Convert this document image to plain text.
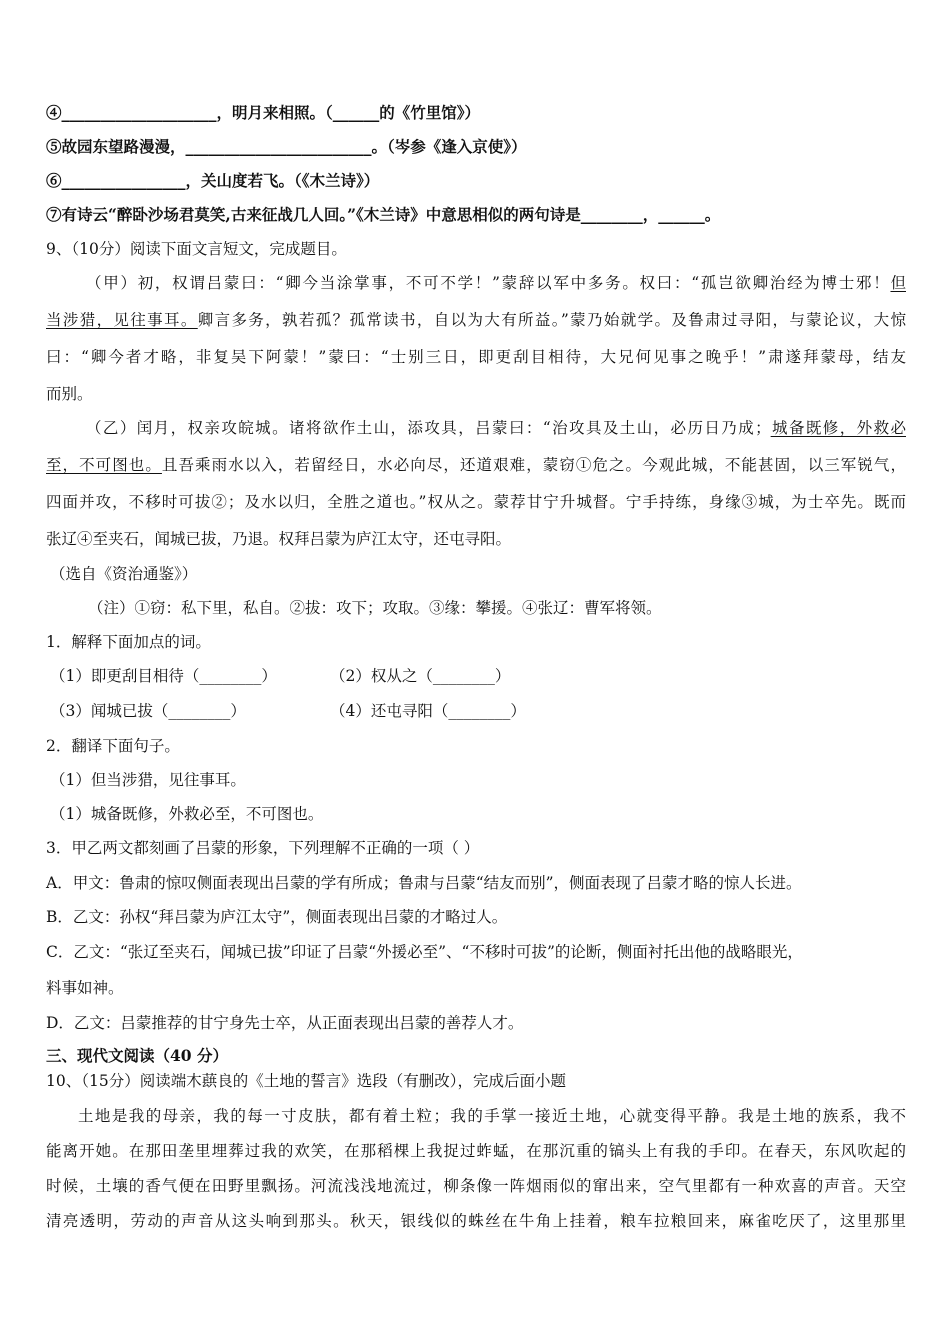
④____________________，明月来相照。（______的《竹里馆》）
⑤故园东望路漫漫，________________________。（岑参《逢入京使》）
⑥________________，关山度若飞。（《木兰诗》）
⑦有诗云“醉卧沙场君莫笑,古来征战几人回。”《木兰诗》中意思相似的两句诗是________，______。
9、（10分）阅读下面文言短文，完成题目。
（甲）初，权谓吕蒙曰：“卿今当涂掌事，不可不学！”蒙辞以军中多务。权曰：“孤岂欲卿治经为博士邪！但
当涉猎，见往事耳。卿言多务，孰若孤？孤常读书，自以为大有所益。”蒙乃始就学。及鲁肃过寻阳，与蒙论议，大惊
曰：“卿今者才略，非复吴下阿蒙！”蒙曰：“士别三日，即更刮目相待，大兄何见事之晚乎！”肃遂拜蒙母，结友
而别。
（乙）闰月，权亲攻皖城。诸将欲作土山，添攻具，吕蒙曰：“治攻具及土山，必历日乃成；城备既修，外救必
至，不可图也。且吾乘雨水以入，若留经日，水必向尽，还道艰难，蒙窃①危之。今观此城，不能甚固，以三军锐气，
四面并攻，不移时可拔②；及水以归，全胜之道也。”权从之。蒙荐甘宁升城督。宁手持练，身缘③城，为士卒先。既而
张辽④至夹石，闻城已拔，乃退。权拜吕蒙为庐江太守，还屯寻阳。
（选自《资治通鉴》）
（注）①窃：私下里，私自。②拔：攻下；攻取。③缘：攀援。④张辽：曹军将领。
1．解释下面加点的词。
（1）即更刮目相待（________）	（2）权从之（________）
（3）闻城已拔（________）	（4）还屯寻阳（________）
2．翻译下面句子。
（1）但当涉猎，见往事耳。
（1）城备既修，外救必至，不可图也。
3．甲乙两文都刻画了吕蒙的形象，下列理解不正确的一项（ ）
A．甲文：鲁肃的惊叹侧面表现出吕蒙的学有所成；鲁肃与吕蒙“结友而别”，侧面表现了吕蒙才略的惊人长进。
B．乙文：孙权“拜吕蒙为庐江太守”，侧面表现出吕蒙的才略过人。
C．乙文：“张辽至夹石，闻城已拔”印证了吕蒙“外援必至”、“不移时可拔”的论断，侧面衬托出他的战略眼光，
料事如神。
D．乙文：吕蒙推荐的甘宁身先士卒，从正面表现出吕蒙的善荐人才。
三、现代文阅读（40 分）
10、（15分）阅读端木蕻良的《土地的誓言》选段（有删改），完成后面小题
土地是我的母亲，我的每一寸皮肤，都有着土粒；我的手掌一接近土地，心就变得平静。我是土地的族系，我不
能离开她。在那田垄里埋葬过我的欢笑，在那稻棵上我捉过蚱蜢，在那沉重的镐头上有我的手印。在春天，东风吹起的
时候，土壤的香气便在田野里飘扬。河流浅浅地流过，柳条像一阵烟雨似的窜出来，空气里都有一种欢喜的声音。天空
清亮透明，劳动的声音从这头响到那头。秋天，银线似的蛛丝在牛角上挂着，粮车拉粮回来，麻雀吃厌了，这里那里
